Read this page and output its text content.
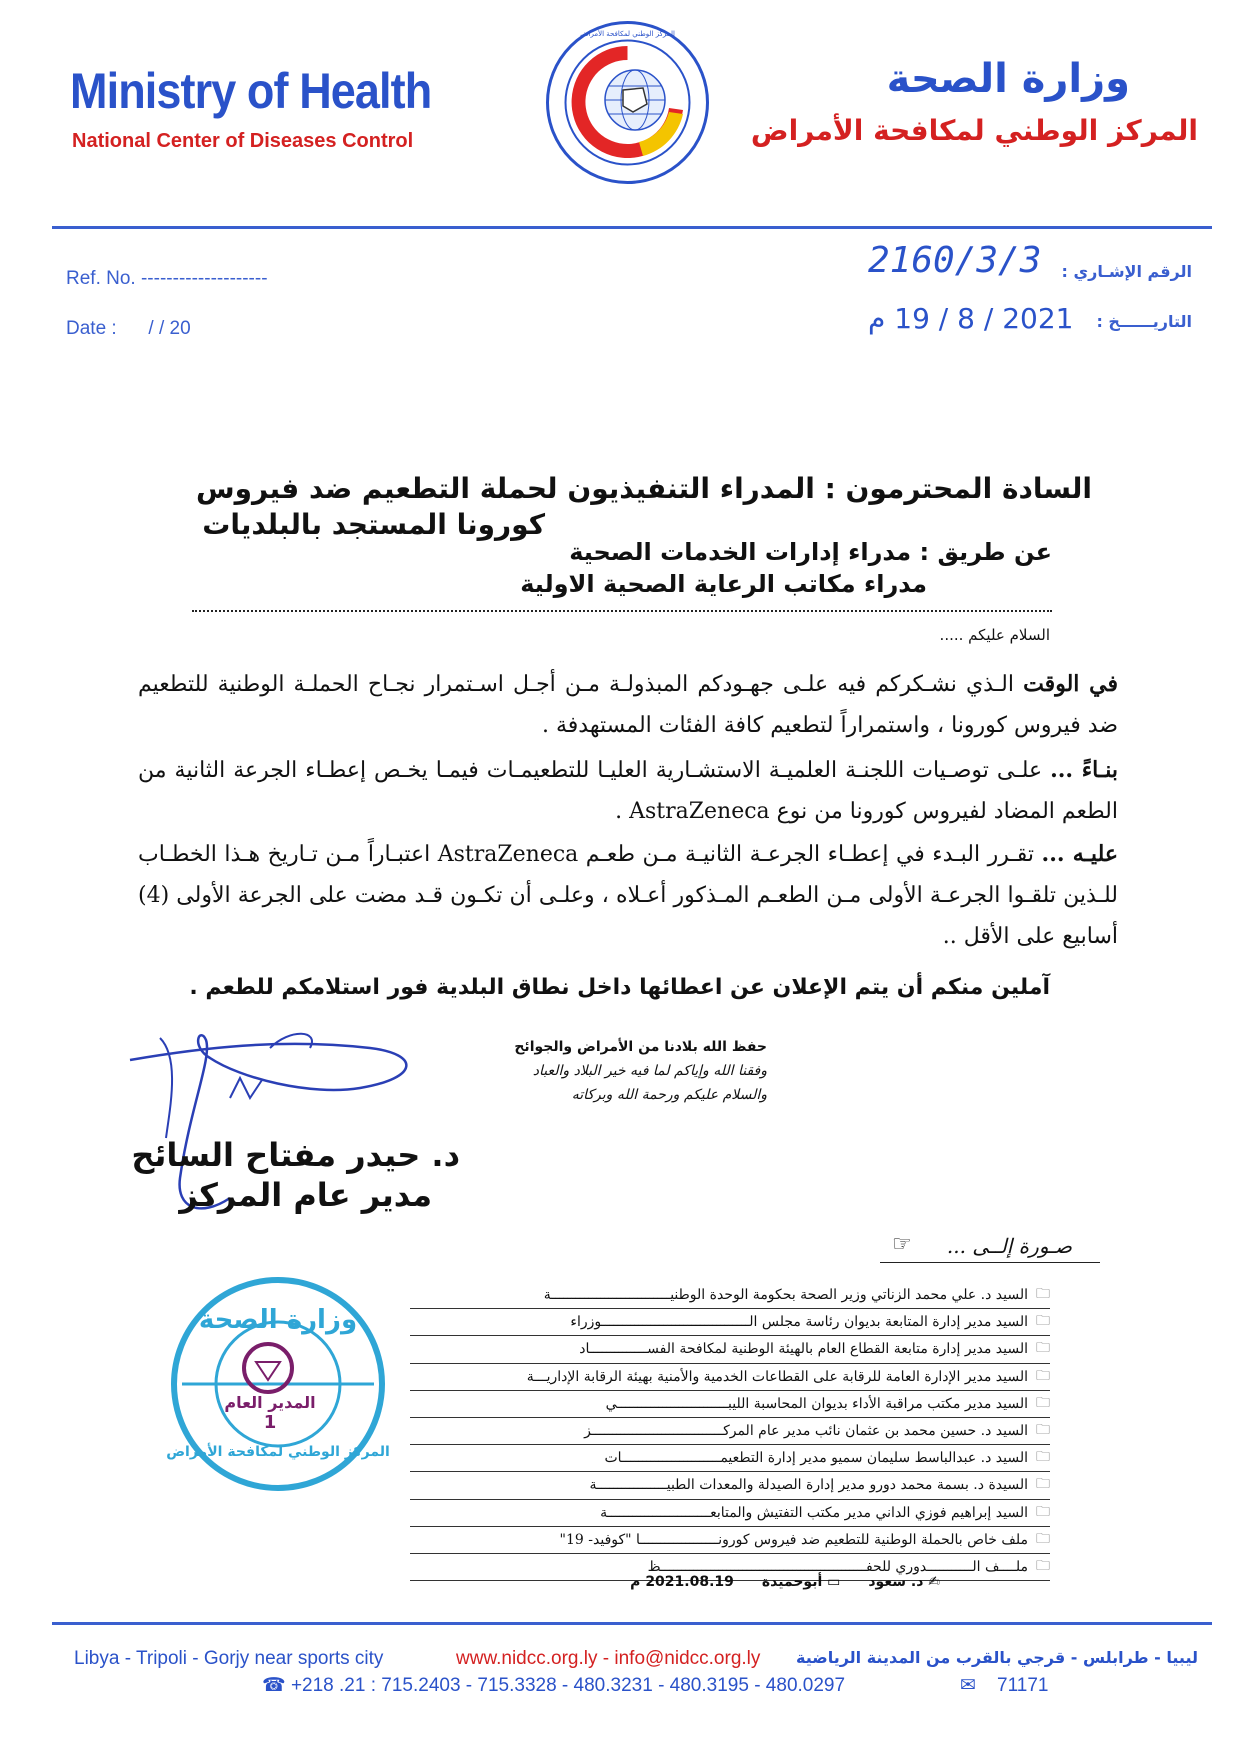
Ministry of Health
National Center of Diseases Control
وزارة الصحة
المركز الوطني لمكافحة الأمراض
المركز الوطني لمكافحة الأمراض
Ref. No. --------------------
Date : / / 20
2160/3/3 الرقم الإشـاري :
2021 / 8 / 19 م التاريــــــخ :
السادة المحترمون : المدراء التنفيذيون لحملة التطعيم ضد فيروس
كورونا المستجد بالبلديات
عن طريق : مدراء إدارات الخدمات الصحية
مدراء مكاتب الرعاية الصحية الاولية
السلام عليكم .....
في الوقت الـذي نشـكركم فيه علـى جهـودكم المبذولـة مـن أجـل اسـتمرار نجـاح الحملـة الوطنية للتطعيم ضد فيروس كورونا ، واستمراراً لتطعيم كافة الفئات المستهدفة .
بنـاءً ... علـى توصـيات اللجنـة العلميـة الاستشـارية العليـا للتطعيمـات فيمـا يخـص إعطـاء الجرعة الثانية من الطعم المضاد لفيروس كورونا من نوع AstraZeneca .
عليـه ... تقـرر البـدء في إعطـاء الجرعـة الثانيـة مـن طعـم AstraZeneca اعتبـاراً مـن تـاريخ هـذا الخطـاب للـذين تلقـوا الجرعـة الأولى مـن الطعـم المـذكور أعـلاه ، وعلـى أن تكـون قـد مضت على الجرعة الأولى (4) أسابيع على الأقل ..
آملين منكم أن يتم الإعلان عن اعطائها داخل نطاق البلدية فور استلامكم للطعم .
حفظ الله بلادنا من الأمراض والجوائح
وفقنا الله وإياكم لما فيه خير البلاد والعباد
والسلام عليكم ورحمة الله وبركاته
د. حيدر مفتاح السائح
مدير عام المركز
وزارة الصحة
المركز الوطني لمكافحة الأمراض
المدير العام
1
☞ صـورة إلــى ...
🗀
السيد د. علي محمد الزناتي وزير الصحة بحكومة الوحدة الوطنيـــــــــــــــــــــــــــــة
🗀
السيد مدير إدارة المتابعة بديوان رئاسة مجلس الــــــــــــــــــــــــــــــــــــوزراء
🗀
السيد مدير إدارة متابعة القطاع العام بالهيئة الوطنية لمكافحة الفســــــــــــــاد
🗀
السيد مدير الإدارة العامة للرقابة على القطاعات الخدمية والأمنية بهيئة الرقابة الإداريـــة
🗀
السيد مدير مكتب مراقبة الأداء بديوان المحاسبة الليبـــــــــــــــــــــــــــي
🗀
السيد د. حسين محمد بن عثمان نائب مدير عام المركــــــــــــــــــــــــــــــــز
🗀
السيد د. عبدالباسط سليمان سميو مدير إدارة التطعيمــــــــــــــــــــــــات
🗀
السيدة د. بسمة محمد دورو مدير إدارة الصيدلة والمعدات الطبيـــــــــــــــــة
🗀
السيد إبراهيم فوزي الداني مدير مكتب التفتيش والمتابعـــــــــــــــــــــــــة
🗀
ملف خاص بالحملة الوطنية للتطعيم ضد فيروس كورونـــــــــــــــــــا "كوفيد- 19"
🗀
ملــــف الـــــــــــدوري للحفــــــــــــــــــــــــــــــــــــــــــــــــــظ
✍ د. سعود
▭ أبوحميدة
2021.08.19 م
Libya - Tripoli - Gorjy near sports city	www.nidcc.org.ly - info@nidcc.org.ly ليبيا - طرابلس - قرجي بالقرب من المدينة الرياضية
☎ +218 .21 : 715.2403 - 715.3328 - 480.3231 - 480.3195 - 480.0297	✉ 71171
